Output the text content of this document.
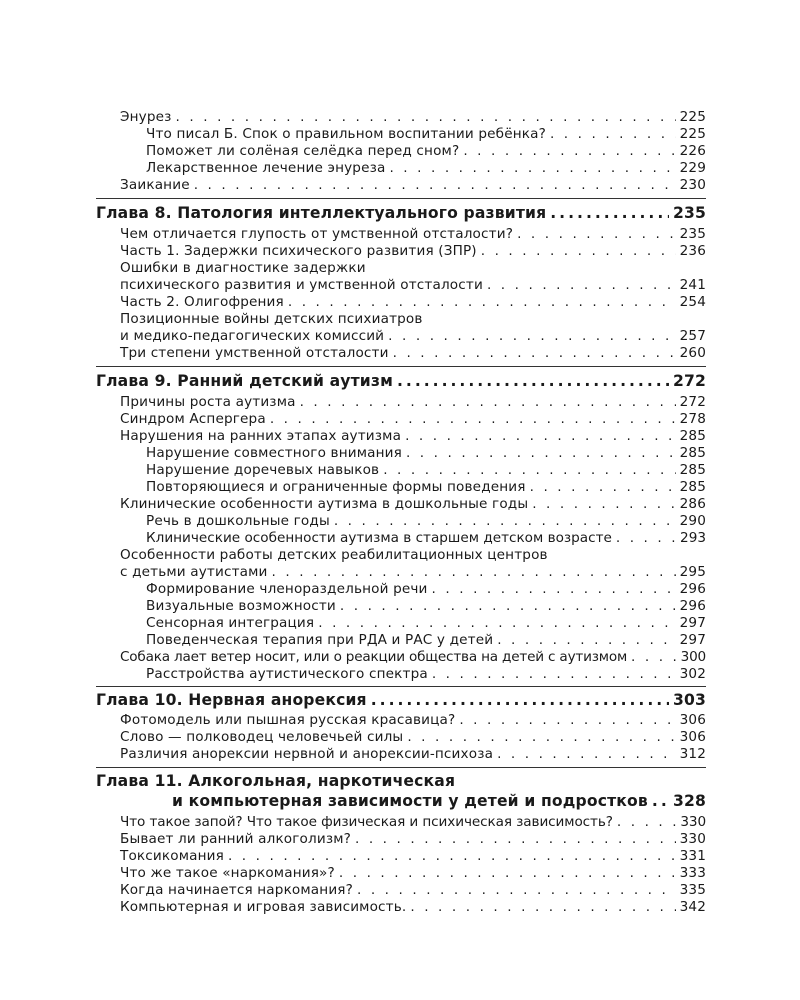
Энурез . . .	225
Что писал Б. Спок о правильном воспитании ребёнка? . . .	225
Поможет ли солёная селёдка перед сном? . . .	226
Лекарственное лечение энуреза . . .	229
Заикание . . .	230
Глава 8. Патология интеллектуального развития .....	235
Чем отличается глупость от умственной отсталости? . . .	235
Часть 1. Задержки психического развития (ЗПР) . . .	236
Ошибки в диагностике задержки
психического развития и умственной отсталости . . .	241
Часть 2. Олигофрения . . .	254
Позиционные войны детских психиатров
и медико-педагогических комиссий . . .	257
Три степени умственной отсталости . . .	260
Глава 9. Ранний детский аутизм .....	272
Причины роста аутизма . . .	272
Синдром Аспергера . . .	278
Нарушения на ранних этапах аутизма . . .	285
Нарушение совместного внимания . . .	285
Нарушение доречевых навыков . . .	285
Повторяющиеся и ограниченные формы поведения . . .	285
Клинические особенности аутизма в дошкольные годы . . .	286
Речь в дошкольные годы . . .	290
Клинические особенности аутизма в старшем детском возрасте . . .	293
Особенности работы детских реабилитационных центров
с детьми аутистами . . .	295
Формирование членораздельной речи . . .	296
Визуальные возможности . . .	296
Сенсорная интеграция . . .	297
Поведенческая терапия при РДА и РАС у детей . . .	297
Собака лает ветер носит, или о реакции общества на детей с аутизмом . . .	300
Расстройства аутистического спектра . . .	302
Глава 10. Нервная анорексия .....	303
Фотомодель или пышная русская красавица? . . .	306
Слово — полководец человечьей силы . . .	306
Различия анорексии нервной и анорексии-психоза . . .	312
Глава 11. Алкогольная, наркотическая
и компьютерная зависимости у детей и подростков ..... 328
Что такое запой? Что такое физическая и психическая зависимость? . . .	330
Бывает ли ранний алкоголизм? . . .	330
Токсикомания . . .	331
Что же такое «наркомания»? . . .	333
Когда начинается наркомания? . . .	335
Компьютерная и игровая зависимость. . . .	342
